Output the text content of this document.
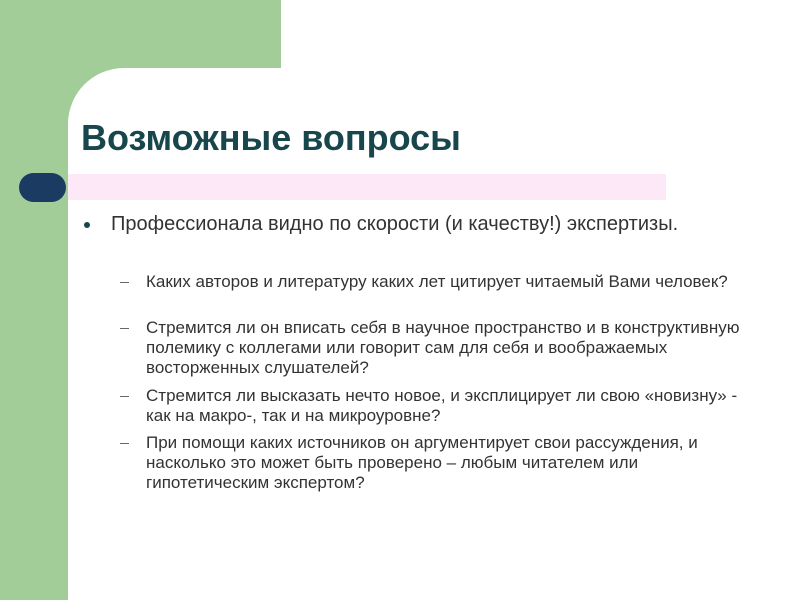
Возможные вопросы
Профессионала видно по скорости (и качеству!) экспертизы.
Каких авторов и литературу каких лет цитирует читаемый Вами человек?
Стремится ли он вписать себя в научное пространство и в конструктивную полемику с коллегами или говорит сам для себя и воображаемых восторженных слушателей?
Стремится ли высказать нечто новое, и эксплицирует ли свою «новизну» - как на макро-, так и на микроуровне?
При помощи каких источников он аргументирует свои рассуждения, и насколько это может быть проверено – любым читателем или гипотетическим экспертом?
